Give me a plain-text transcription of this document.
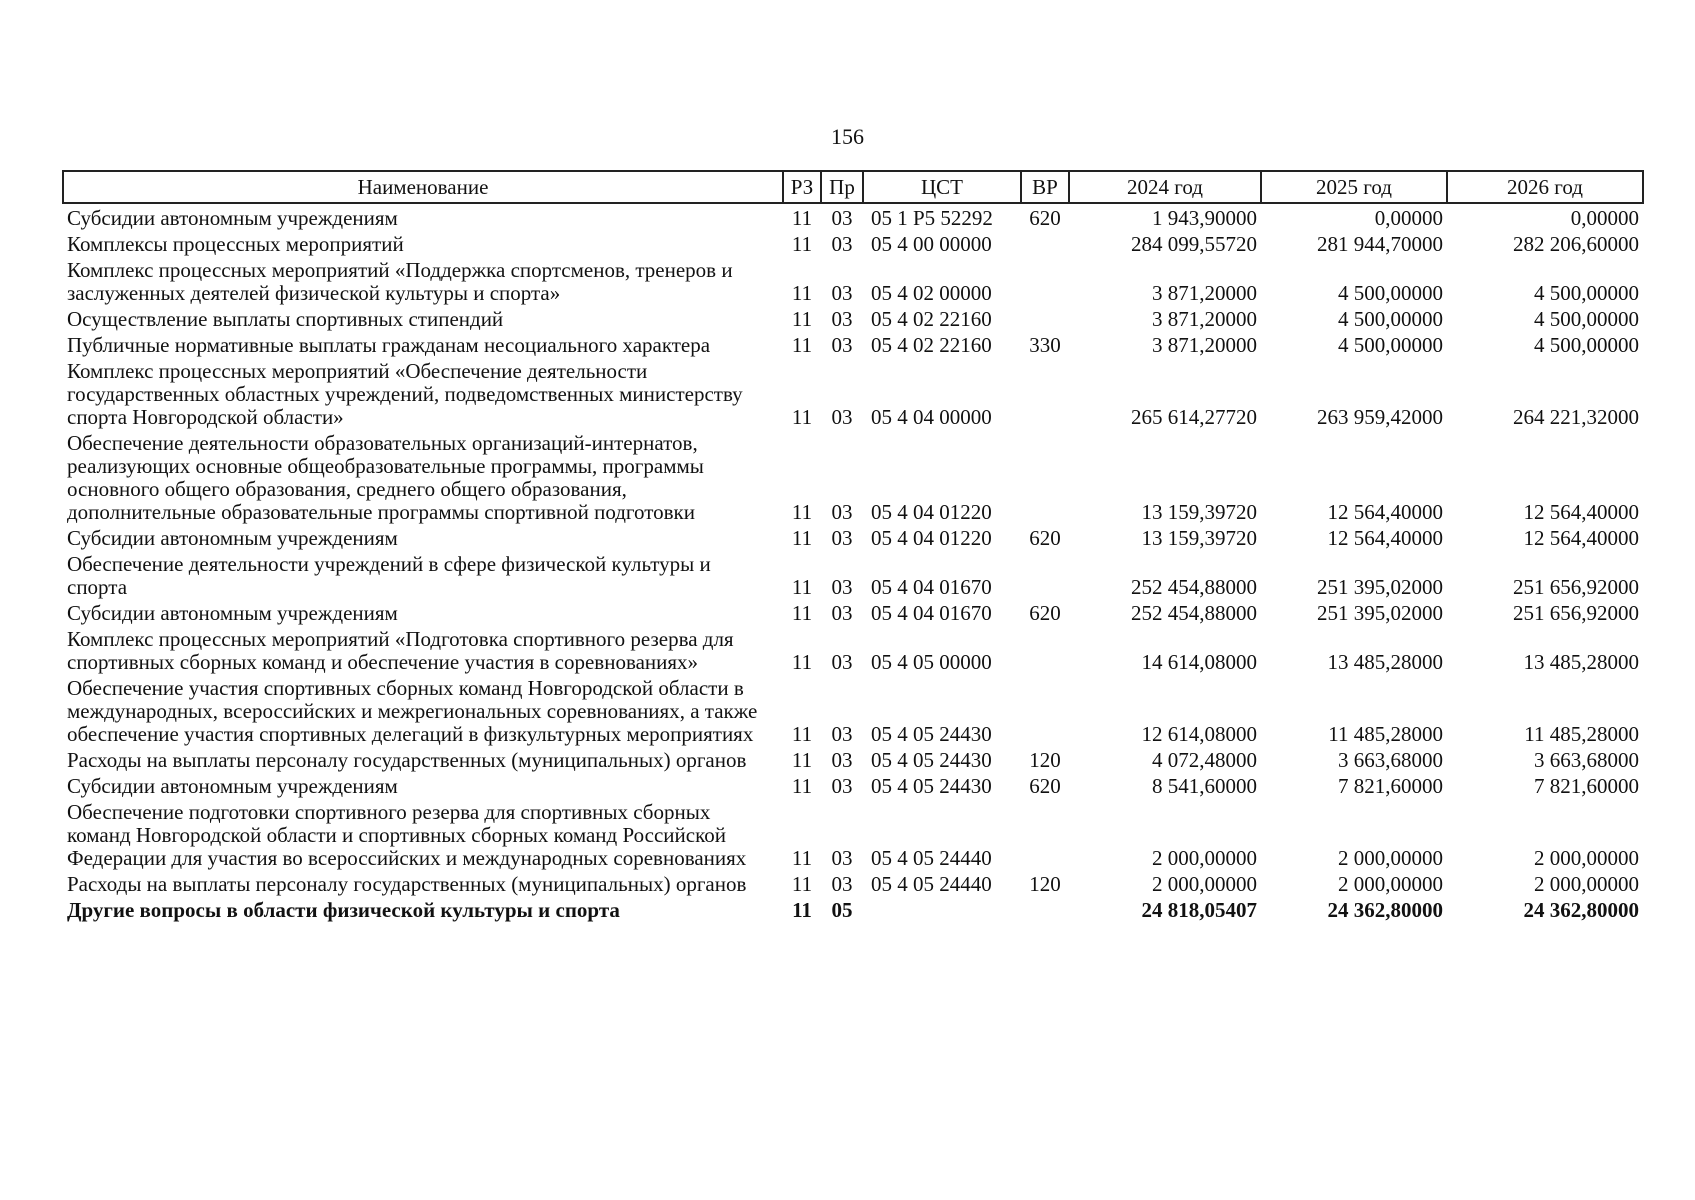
156
Наименование	РЗ	Пр	ЦСТ	ВР	2024 год	2025 год	2026 год
Субсидии автономным учреждениям	11	03	05 1 Р5 52292	620	1 943,90000	0,00000	0,00000
Комплексы процессных мероприятий	11	03	05 4 00 00000		284 099,55720	281 944,70000	282 206,60000
Комплекс процессных мероприятий «Поддержка спортсменов, тренеров и заслуженных деятелей физической культуры и спорта»	11	03	05 4 02 00000		3 871,20000	4 500,00000	4 500,00000
Осуществление выплаты спортивных стипендий	11	03	05 4 02 22160		3 871,20000	4 500,00000	4 500,00000
Публичные нормативные выплаты гражданам несоциального характера	11	03	05 4 02 22160	330	3 871,20000	4 500,00000	4 500,00000
Комплекс процессных мероприятий «Обеспечение деятельности государственных областных учреждений, подведомственных министерству спорта Новгородской области»	11	03	05 4 04 00000		265 614,27720	263 959,42000	264 221,32000
Обеспечение деятельности образовательных организаций-интернатов, реализующих основные общеобразовательные программы, программы основного общего образования, среднего общего образования, дополнительные образовательные программы спортивной подготовки	11	03	05 4 04 01220		13 159,39720	12 564,40000	12 564,40000
Субсидии автономным учреждениям	11	03	05 4 04 01220	620	13 159,39720	12 564,40000	12 564,40000
Обеспечение деятельности учреждений в сфере физической культуры и спорта	11	03	05 4 04 01670		252 454,88000	251 395,02000	251 656,92000
Субсидии автономным учреждениям	11	03	05 4 04 01670	620	252 454,88000	251 395,02000	251 656,92000
Комплекс процессных мероприятий «Подготовка спортивного резерва для спортивных сборных команд и обеспечение участия в соревнованиях»	11	03	05 4 05 00000		14 614,08000	13 485,28000	13 485,28000
Обеспечение участия спортивных сборных команд Новгородской области в международных, всероссийских и межрегиональных соревнованиях, а также обеспечение участия спортивных делегаций в физкультурных мероприятиях	11	03	05 4 05 24430		12 614,08000	11 485,28000	11 485,28000
Расходы на выплаты персоналу государственных (муниципальных) органов	11	03	05 4 05 24430	120	4 072,48000	3 663,68000	3 663,68000
Субсидии автономным учреждениям	11	03	05 4 05 24430	620	8 541,60000	7 821,60000	7 821,60000
Обеспечение подготовки спортивного резерва для спортивных сборных команд Новгородской области и спортивных сборных команд Российской Федерации для участия во всероссийских и международных соревнованиях	11	03	05 4 05 24440		2 000,00000	2 000,00000	2 000,00000
Расходы на выплаты персоналу государственных (муниципальных) органов	11	03	05 4 05 24440	120	2 000,00000	2 000,00000	2 000,00000
Другие вопросы в области физической культуры и спорта	11	05			24 818,05407	24 362,80000	24 362,80000
